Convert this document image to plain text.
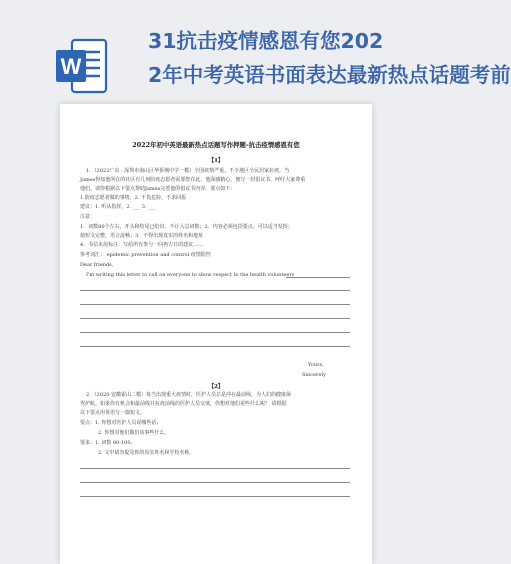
W
31抗击疫情感恩有您202
2年中考英语书面表达最新热点话题考前
2022年初中英语最新热点话题写作押题-抗击疫情感恩有您
【1】
1．（2022广东 · 深圳市南山区华侨城中学一模）全国疫情严重。不少地区全民居家抗疫。当
James得知他所在的社区有几何防疫志愿者需要您在此，他深感精心，便写一封倡议书，呼吁大家尊重
他们。请你根据以下要点帮助James完善他的倡议书内容。要点如下：
1.防疫志愿者做的事情，2. 不畏危险，不求回报
建议：1. 听从指挥，2. ___ 3. ___
注意：
1．词数80个左右，开头和结尾已给出，不计入总词数；2．内容必须包括要点，可以适当发挥；
使短文完整，语言流畅；3．不得出现真实的姓名和地址
4．书信末尾标注：写给所有参与一回再吉日的建议……
参考词汇： epidemic prevention and control 疫情防控
Dear friends,
I'm writing this letter to call on everyone to show respect to the health volunteers
Yours,
Sincerely
【2】
2．（2020·安徽霍山二模）每当出现重大疫情时，医护人员总是冲在最前线，为人们的健康保
驾护航。如果你有机会和最前线并抗疫前线的医护人员交谈，你想对他们说些什么呢？ 请根据
以下要点用英语写一篇短文。
要点：1. 你想对医护人员说哪些话；
2. 你想对他们做们该事些什么。
要求：1. 词数 80-100;
2. 文中请勿提及你的真实姓名和学校名称。
